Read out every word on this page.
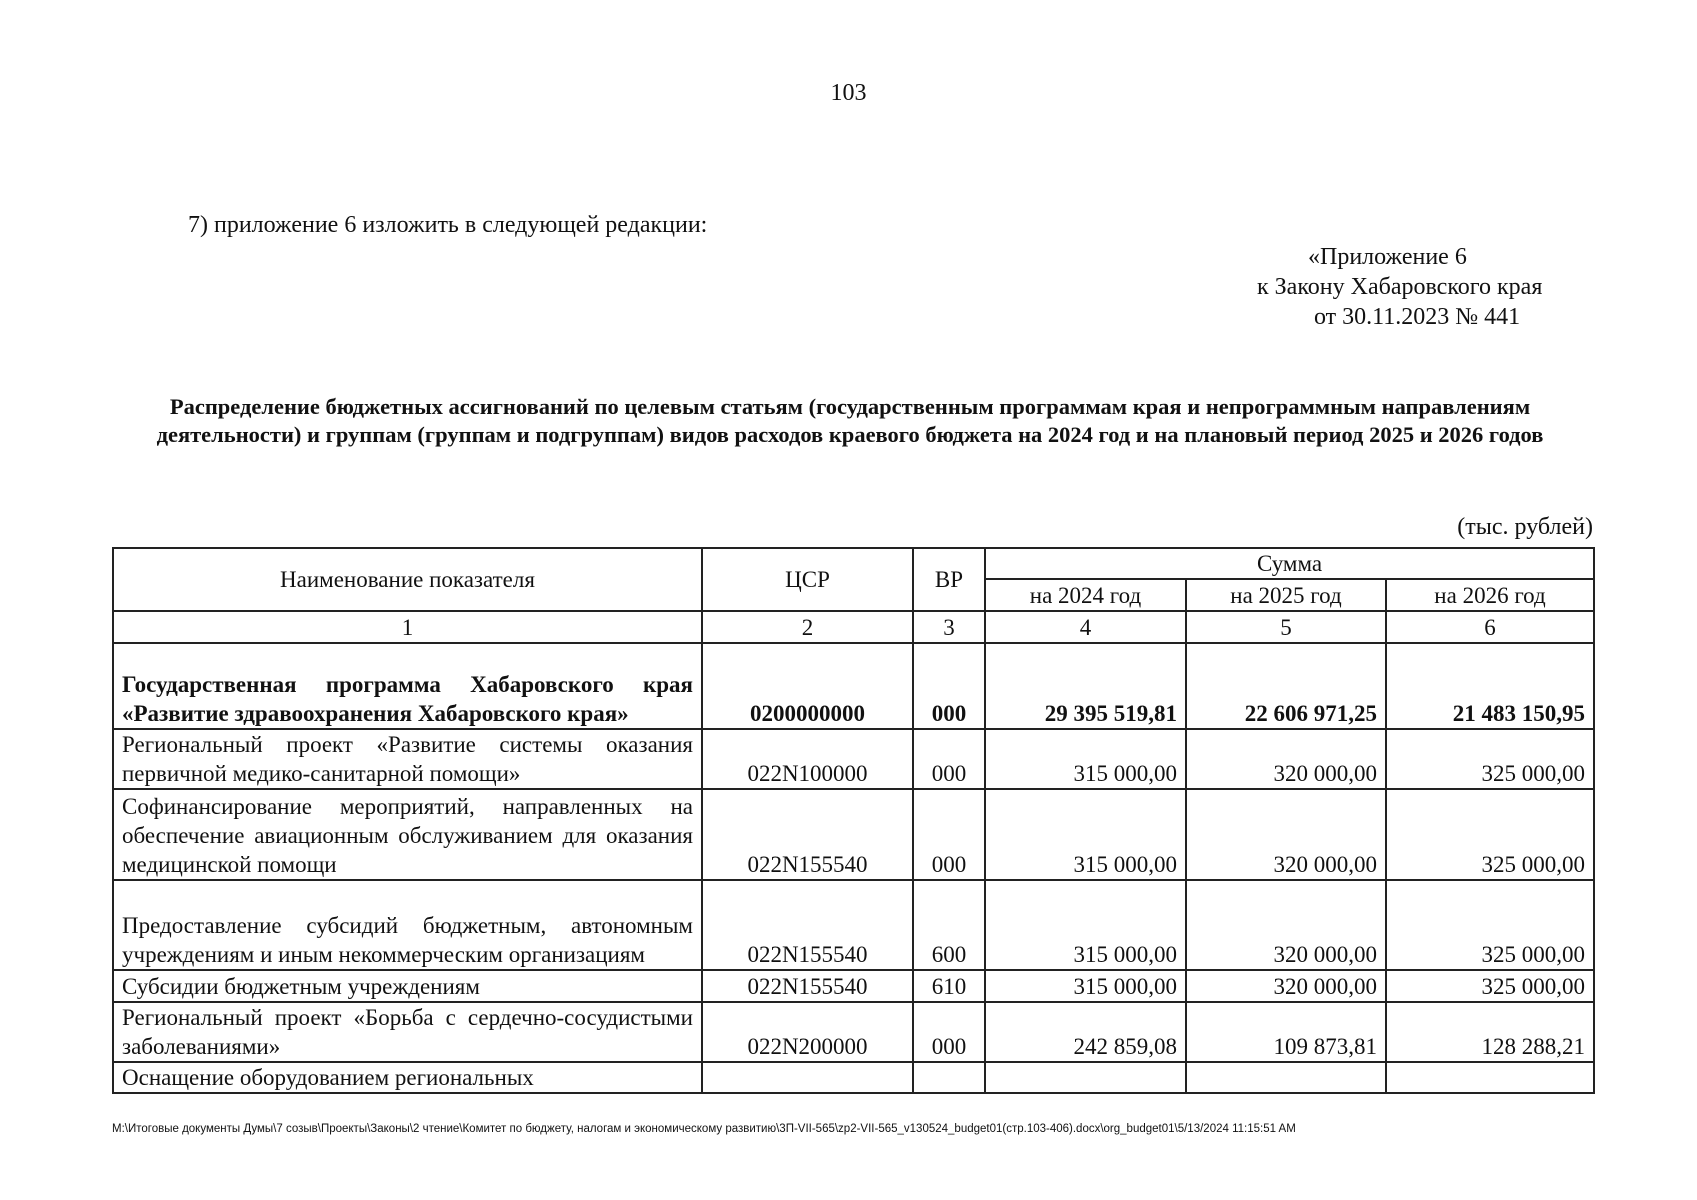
103
7) приложение 6 изложить в следующей редакции:
«Приложение 6
к Закону Хабаровского края
от 30.11.2023 № 441
Распределение бюджетных ассигнований по целевым статьям (государственным программам края и непрограммным направлениям деятельности) и группам (группам и подгруппам) видов расходов краевого бюджета на 2024 год и на плановый период 2025 и 2026 годов
(тыс. рублей)
Наименование показателя	ЦСР	ВР	Сумма		
			на 2024 год	на 2025 год	на 2026 год
1	2	3	4	5	6
Государственная программа Хабаровского края «Развитие здравоохранения Хабаровского края»	0200000000	000	29 395 519,81	22 606 971,25	21 483 150,95
Региональный проект «Развитие системы оказания первичной медико-санитарной помощи»	022N100000	000	315 000,00	320 000,00	325 000,00
Софинансирование мероприятий, направленных на обеспечение авиационным обслуживанием для оказания медицинской помощи	022N155540	000	315 000,00	320 000,00	325 000,00
Предоставление субсидий бюджетным, автономным учреждениям и иным некоммерческим организациям	022N155540	600	315 000,00	320 000,00	325 000,00
Субсидии бюджетным учреждениям	022N155540	610	315 000,00	320 000,00	325 000,00
Региональный проект «Борьба с сердечно-сосудистыми заболеваниями»	022N200000	000	242 859,08	109 873,81	128 288,21
Оснащение оборудованием региональных					
M:\Итоговые документы Думы\7 созыв\Проекты\Законы\2 чтение\Комитет по бюджету, налогам и экономическому развитию\3П-VII-565\zp2-VII-565_v130524_budget01(стр.103-406).docx\org_budget01\5/13/2024 11:15:51 AM
